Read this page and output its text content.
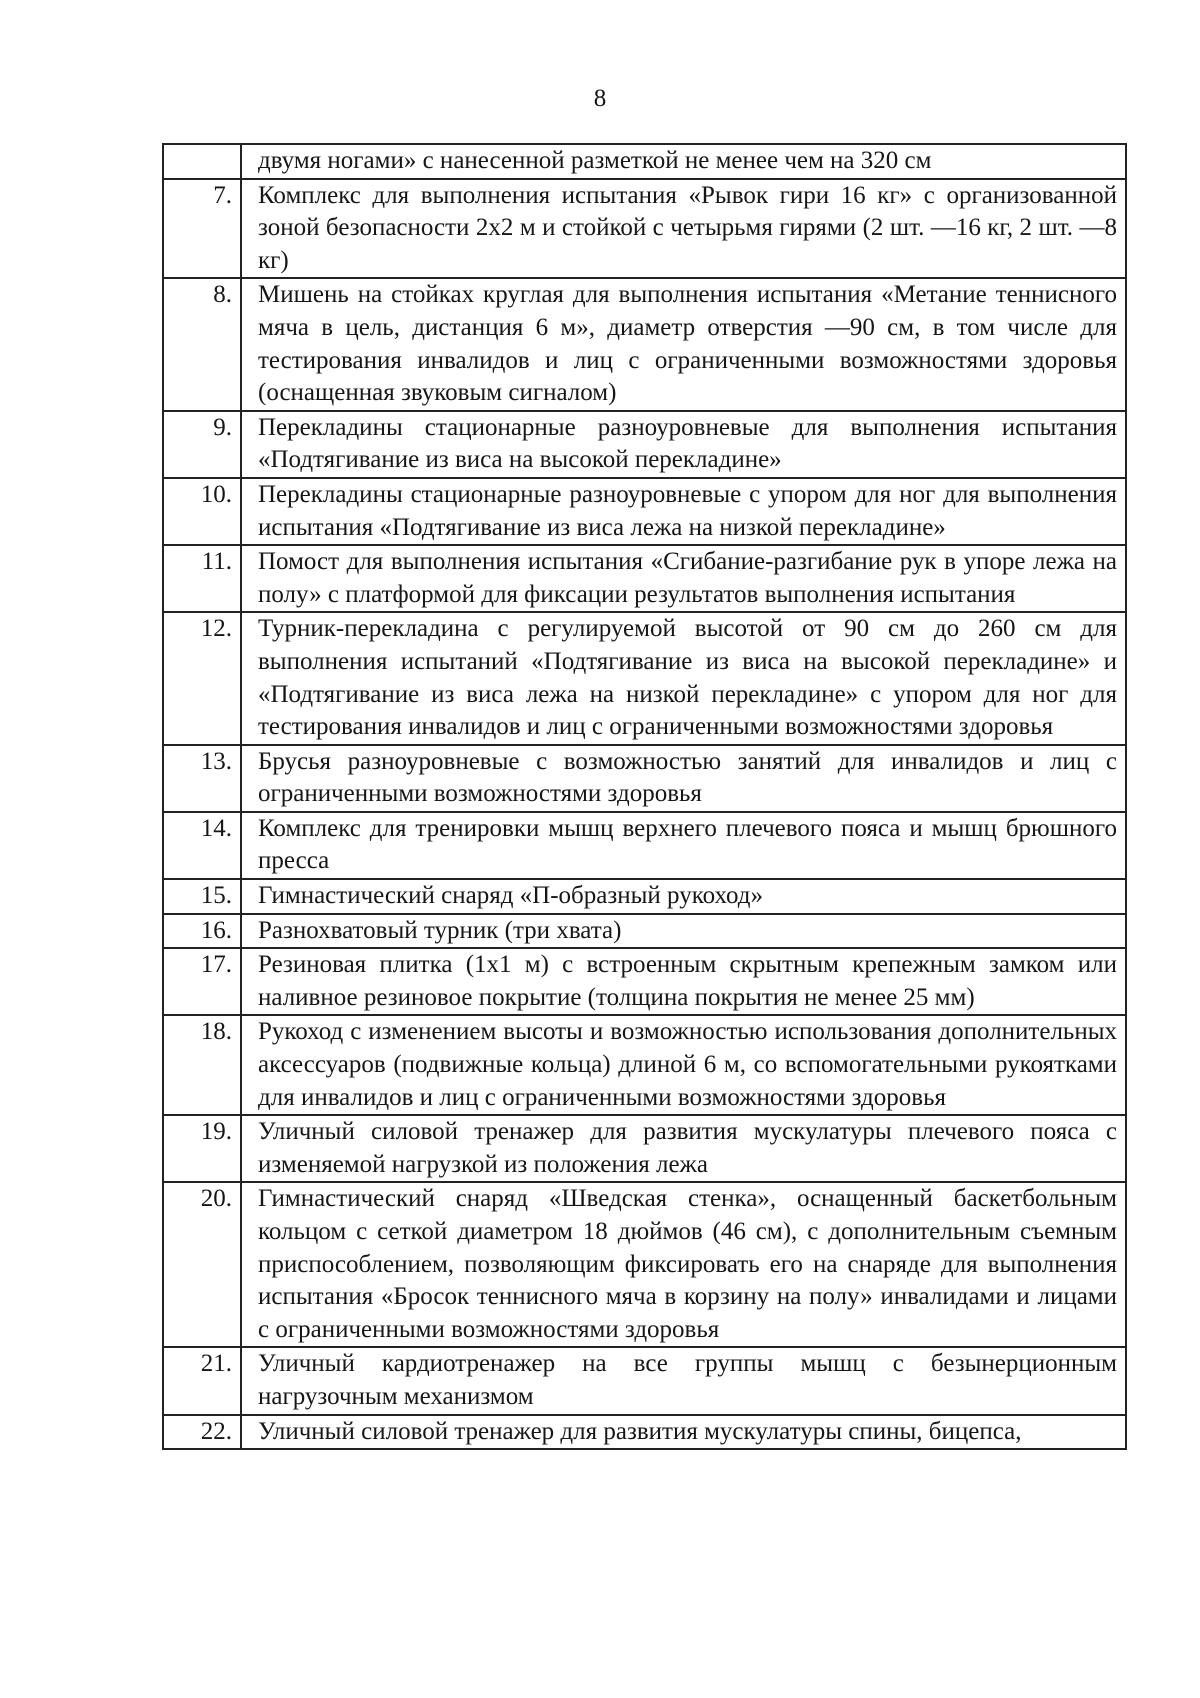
8
	двумя ногами» с нанесенной разметкой не менее чем на 320 см
7.	Комплекс для выполнения испытания «Рывок гири 16 кг» с организованной зоной безопасности 2х2 м и стойкой с четырьмя гирями (2 шт. —16 кг, 2 шт. —8 кг)
8.	Мишень на стойках круглая для выполнения испытания «Метание теннисного мяча в цель, дистанция 6 м», диаметр отверстия —90 см, в том числе для тестирования инвалидов и лиц с ограниченными возможностями здоровья (оснащенная звуковым сигналом)
9.	Перекладины стационарные разноуровневые для выполнения испытания «Подтягивание из виса на высокой перекладине»
10.	Перекладины стационарные разноуровневые с упором для ног для выполнения испытания «Подтягивание из виса лежа на низкой перекладине»
11.	Помост для выполнения испытания «Сгибание-разгибание рук в упоре лежа на полу» с платформой для фиксации результатов выполнения испытания
12.	Турник-перекладина с регулируемой высотой от 90 см до 260 см для выполнения испытаний «Подтягивание из виса на высокой перекладине» и «Подтягивание из виса лежа на низкой перекладине» с упором для ног для тестирования инвалидов и лиц с ограниченными возможностями здоровья
13.	Брусья разноуровневые с возможностью занятий для инвалидов и лиц с ограниченными возможностями здоровья
14.	Комплекс для тренировки мышц верхнего плечевого пояса и мышц брюшного пресса
15.	Гимнастический снаряд «П-образный рукоход»
16.	Разнохватовый турник (три хвата)
17.	Резиновая плитка (1х1 м) с встроенным скрытным крепежным замком или наливное резиновое покрытие (толщина покрытия не менее 25 мм)
18.	Рукоход с изменением высоты и возможностью использования дополнительных аксессуаров (подвижные кольца) длиной 6 м, со вспомогательными рукоятками для инвалидов и лиц с ограниченными возможностями здоровья
19.	Уличный силовой тренажер для развития мускулатуры плечевого пояса с изменяемой нагрузкой из положения лежа
20.	Гимнастический снаряд «Шведская стенка», оснащенный баскетбольным кольцом с сеткой диаметром 18 дюймов (46 см), с дополнительным съемным приспособлением, позволяющим фиксировать его на снаряде для выполнения испытания «Бросок теннисного мяча в корзину на полу» инвалидами и лицами с ограниченными возможностями здоровья
21.	Уличный кардиотренажер на все группы мышц с безынерционным нагрузочным механизмом
22.	Уличный силовой тренажер для развития мускулатуры спины, бицепса,
